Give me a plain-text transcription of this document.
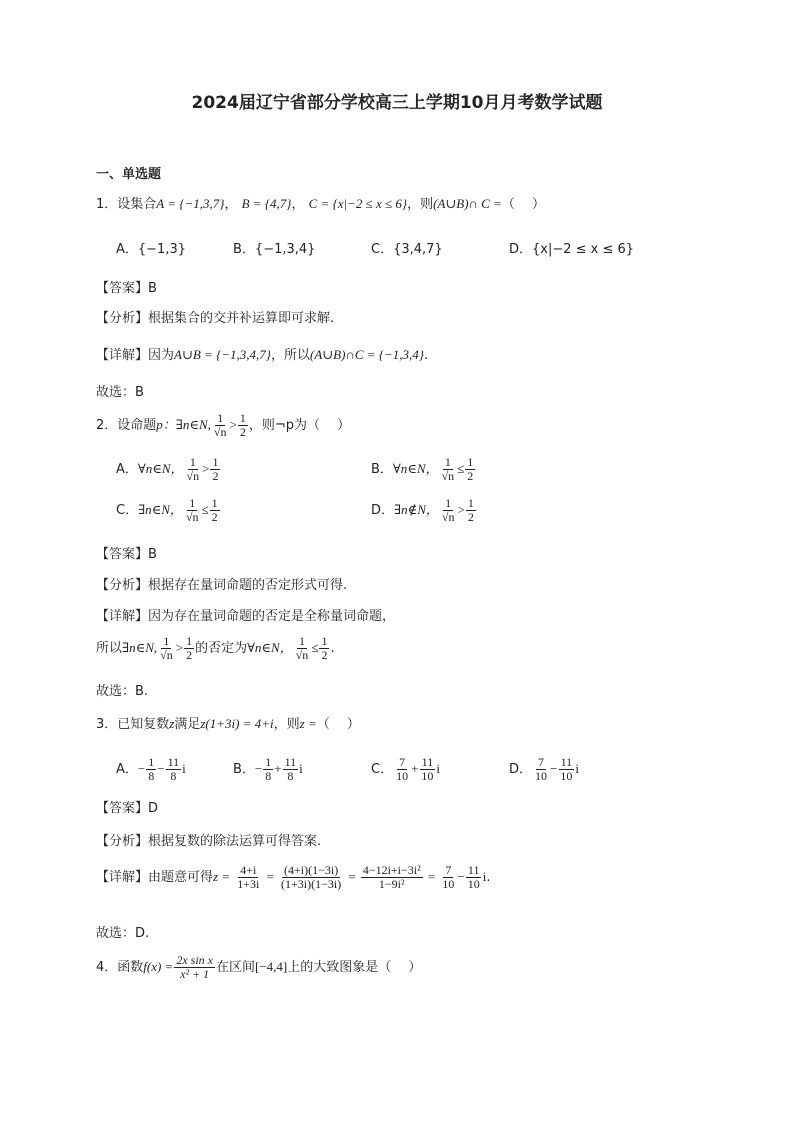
2024届辽宁省部分学校高三上学期10月月考数学试题
一、单选题
1．设集合A = {−1,3,7}， B = {4,7}， C = {x|−2 ≤ x ≤ 6}，则(A∪B)∩ C =（　 ）
A．{−1,3}	B．{−1,3,4}	C．{3,4,7}	D．{x|−2 ≤ x ≤ 6}
【答案】B
【分析】根据集合的交并补运算即可求解.
【详解】因为A∪B = {−1,3,4,7}，所以(A∪B)∩C = {−1,3,4}.
故选：B
2．设命题p：∃n∈N, $\frac{1}{√n} > \frac{1}{2}$ ，则¬p为（　 ）
A．∀n∈N， $\frac{1}{√n} > \frac{1}{2}$	B．∀n∈N， $\frac{1}{√n} \le \frac{1}{2}$
C．∃n∈N， $\frac{1}{√n} \le \frac{1}{2}$	D．∃n∉N， $\frac{1}{√n} > \frac{1}{2}$
【答案】B
【分析】根据存在量词命题的否定形式可得.
【详解】因为存在量词命题的否定是全称量词命题，
所以∃n∈N, $\frac{1}{√n} > \frac{1}{2}$ 的否定为∀n∈N， $\frac{1}{√n} \le \frac{1}{2}$ .
故选：B.
3．已知复数z满足z(1+3i) = 4+i，则z =（　 ）
A．− $\frac{1}{8} - \frac{11}{8}$ i	B．− $\frac{1}{8} + \frac{11}{8}$ i	C． $\frac{7}{10} + \frac{11}{10}$ i	D． $\frac{7}{10} - \frac{11}{10}$ i
【答案】D
【分析】根据复数的除法运算可得答案.
【详解】由题意可得$z = \frac{4+i}{1+3i} = \frac{(4+i)(1-3i)}{(1+3i)(1-3i)} = \frac{\text{4−12i+i−3i²}}{\text{1−9i²}} = \frac{7}{10} - \frac{11}{10} i$.
故选：D.
4．函数$f(x) = \frac{\text{2x sin x}}{\text{x² + 1}}$ 在区间[−4,4]上的大致图象是（　 ）
